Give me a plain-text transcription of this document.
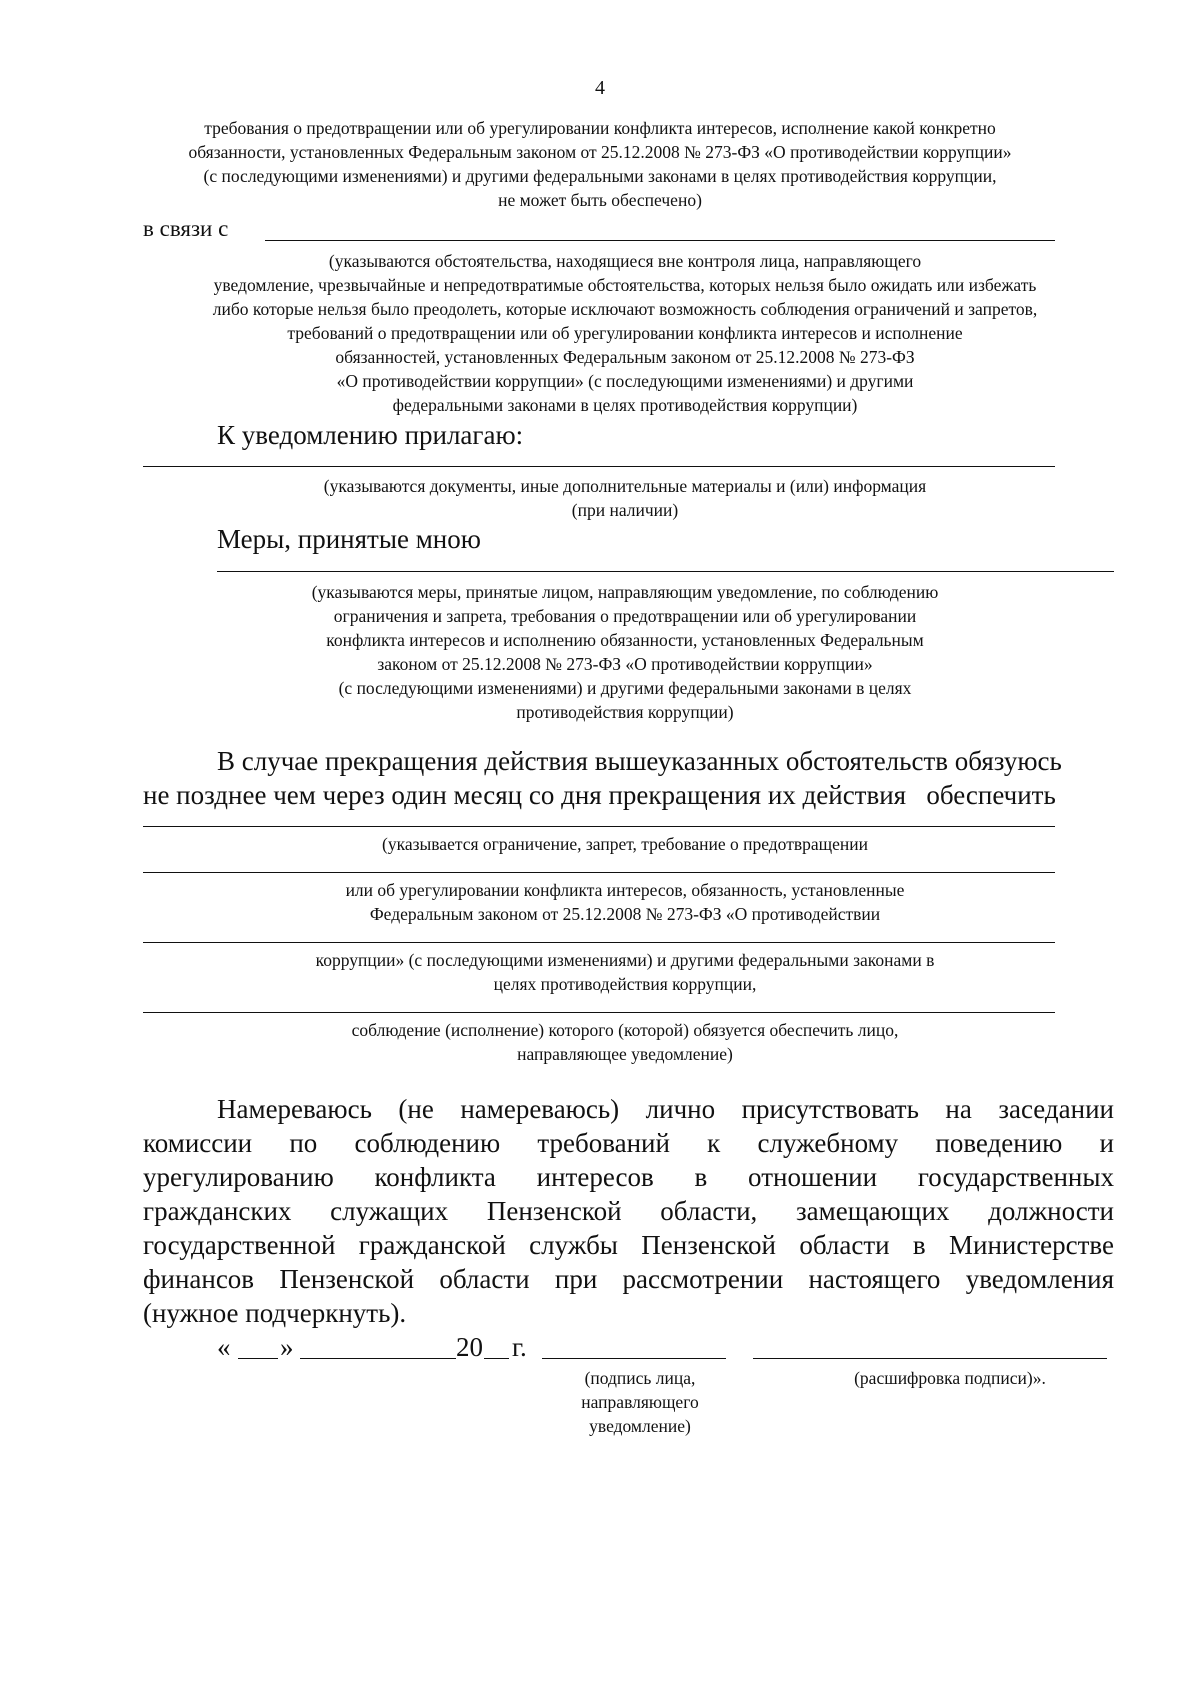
4
требования о предотвращении или об урегулировании конфликта интересов, исполнение какой конкретно
обязанности, установленных Федеральным законом от 25.12.2008 № 273-ФЗ «О противодействии коррупции»
(с последующими изменениями) и другими федеральными законами в целях противодействия коррупции,
не может быть обеспечено)
в связи с
(указываются обстоятельства, находящиеся вне контроля лица, направляющего
уведомление, чрезвычайные и непредотвратимые обстоятельства, которых нельзя было ожидать или избежать
либо которые нельзя было преодолеть, которые исключают возможность соблюдения ограничений и запретов,
требований о предотвращении или об урегулировании конфликта интересов и исполнение
обязанностей, установленных Федеральным законом от 25.12.2008 № 273-ФЗ
«О противодействии коррупции» (с последующими изменениями) и другими
федеральными законами в целях противодействия коррупции)
К уведомлению прилагаю:
(указываются документы, иные дополнительные материалы и (или) информация
(при наличии)
Меры, принятые мною
(указываются меры, принятые лицом, направляющим уведомление, по соблюдению
ограничения и запрета, требования о предотвращении или об урегулировании
конфликта интересов и исполнению обязанности, установленных Федеральным
законом от 25.12.2008 № 273-ФЗ «О противодействии коррупции»
(с последующими изменениями) и другими федеральными законами в целях
противодействия коррупции)
В случае прекращения действия вышеуказанных обстоятельств обязуюсь
не позднее чем через один месяц со дня прекращения их действия   обеспечить
(указывается ограничение, запрет, требование о предотвращении
или об урегулировании конфликта интересов, обязанность, установленные
Федеральным законом от 25.12.2008 № 273-ФЗ «О противодействии
коррупции» (с последующими изменениями) и другими федеральными законами в
целях противодействия коррупции,
соблюдение (исполнение) которого (которой) обязуется обеспечить лицо,
направляющее уведомление)
Намереваюсь (не намереваюсь) лично присутствовать на заседании
комиссии по соблюдению требований к служебному поведению и
урегулированию конфликта интересов в отношении государственных
гражданских служащих Пензенской области, замещающих должности
государственной гражданской службы Пензенской области в Министерстве
финансов Пензенской области при рассмотрении настоящего уведомления
(нужное подчеркнуть).
« »	20 г.
(подпись лица,
направляющего
уведомление)
(расшифровка подписи)».
